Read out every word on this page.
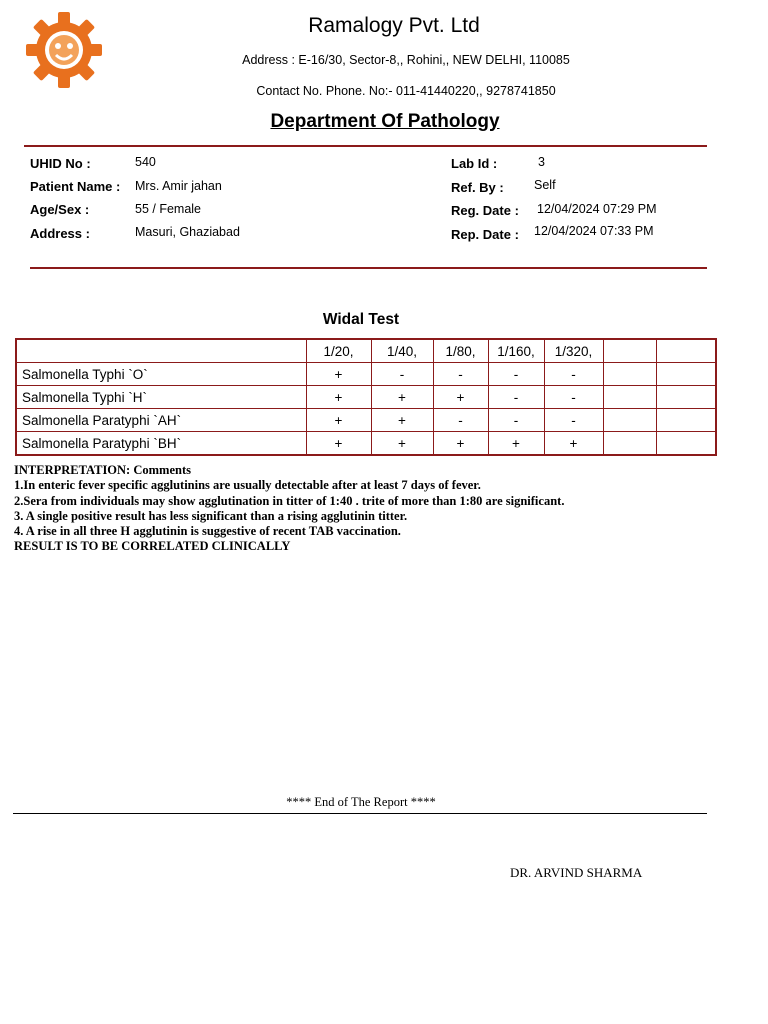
Ramalogy Pvt. Ltd
Address : E-16/30, Sector-8,, Rohini,, NEW DELHI, 110085
Contact No. Phone. No:- 011-41440220,, 9278741850
Department Of Pathology
UHID No :	540
Patient Name : Mrs. Amir jahan
Age/Sex :	55 / Female
Address :	Masuri, Ghaziabad
Lab Id :	3
Ref. By : Self
Reg. Date : 12/04/2024 07:29 PM
Rep. Date : 12/04/2024 07:33 PM
Widal Test
	1/20,	1/40,	1/80,	1/160,	1/320,		
Salmonella Typhi `O`	+	-	-	-	-		
Salmonella Typhi `H`	+	+	+	-	-		
Salmonella Paratyphi `AH`	+	+	-	-	-		
Salmonella Paratyphi `BH`	+	+	+	+	+		
INTERPRETATION: Comments
1.In enteric fever specific agglutinins are usually detectable after at least 7 days of fever.
2.Sera from individuals may show agglutination in titter of 1:40 . trite of more than 1:80 are significant.
3. A single positive result has less significant than a rising agglutinin titter.
4. A rise in all three H agglutinin is suggestive of recent TAB vaccination.
RESULT IS TO BE CORRELATED CLINICALLY
**** End of The Report ****
DR. ARVIND SHARMA
